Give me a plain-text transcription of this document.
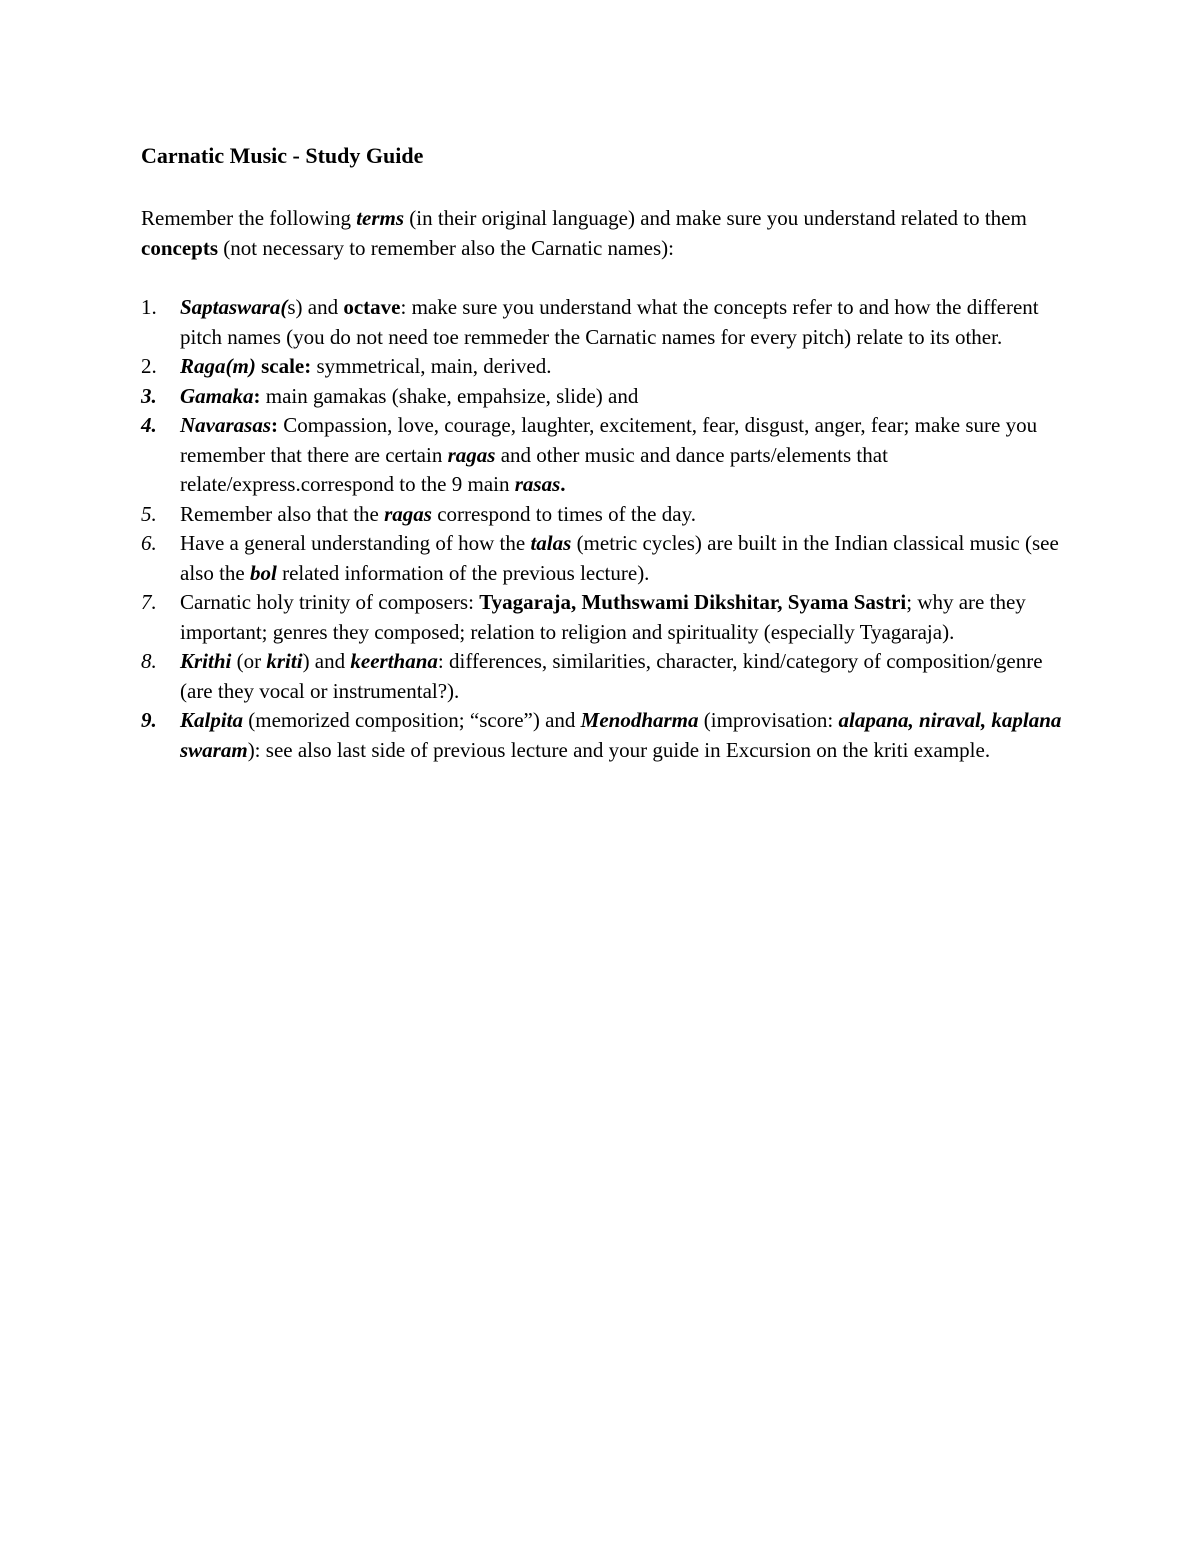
Carnatic Music - Study Guide

Remember the following terms (in their original language) and make sure you understand related to them concepts (not necessary to remember also the Carnatic names):

1. Saptaswara(s) and octave: make sure you understand what the concepts refer to and how the different pitch names (you do not need toe remmeder the Carnatic names for every pitch) relate to its other.
2. Raga(m) scale: symmetrical, main, derived.
3. Gamaka: main gamakas (shake, empahsize, slide) and
4. Navarasas: Compassion, love, courage, laughter, excitement, fear, disgust, anger, fear; make sure you remember that there are certain ragas and other music and dance parts/elements that relate/express.correspond to the 9 main rasas.
5. Remember also that the ragas correspond to times of the day.
6. Have a general understanding of how the talas (metric cycles) are built in the Indian classical music (see also the bol related information of the previous lecture).
7. Carnatic holy trinity of composers: Tyagaraja, Muthswami Dikshitar, Syama Sastri; why are they important; genres they composed; relation to religion and spirituality (especially Tyagaraja).
8. Krithi (or kriti) and keerthana: differences, similarities, character, kind/category of composition/genre (are they vocal or instrumental?).
9. Kalpita (memorized composition; “score”) and Menodharma (improvisation: alapana, niraval, kaplana swaram): see also last side of previous lecture and your guide in Excursion on the kriti example.
